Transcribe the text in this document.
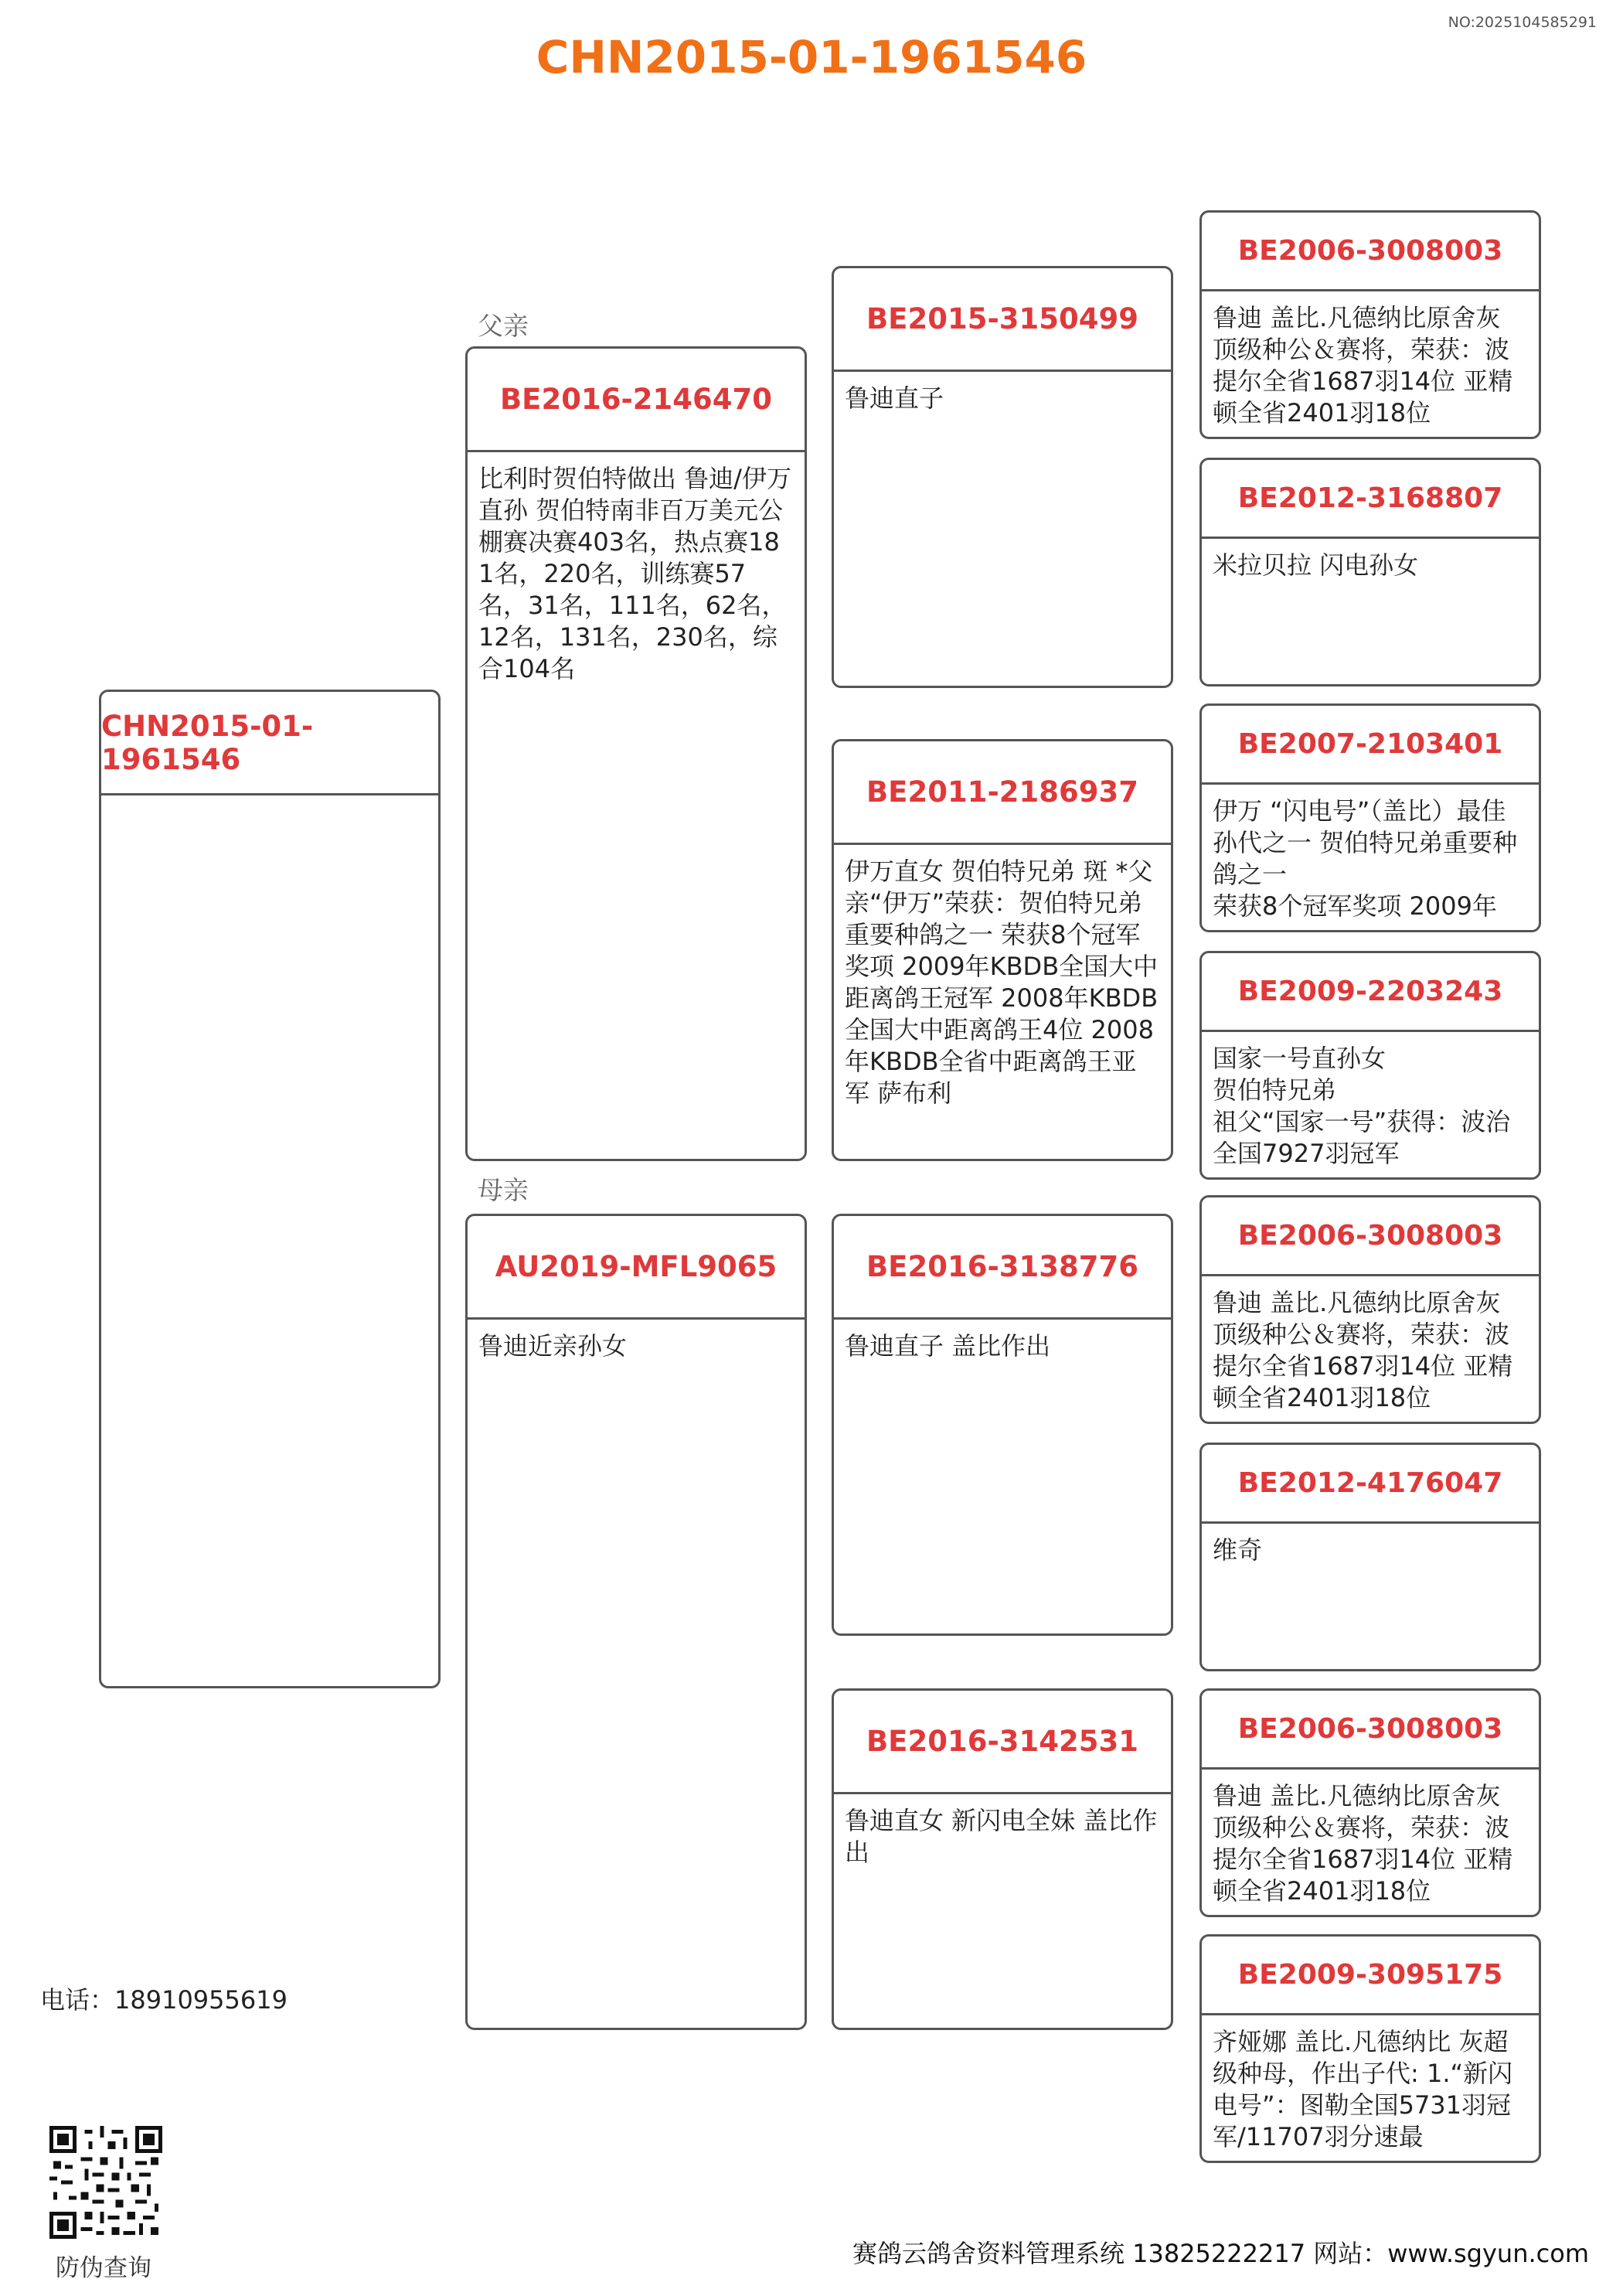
NO:20251045852​91
CHN2015-01-1961546
父亲
母亲
CHN2015-01-1961546
BE2016-2146470
比利时贺伯特做出 鲁迪/伊万直孙 贺伯特南非百万美元公棚赛决赛403名，热点赛181名，220名，训练赛57名，31名，111名，62名，12名，131名，230名，综合104名
AU2019-MFL9065
鲁迪近亲孙女
BE2015-3150499
鲁迪直子
BE2011-2186937
伊万直女 贺伯特兄弟 斑 *父亲“伊万”荣获：贺伯特兄弟重要种鸽之一 荣获8个冠军奖项 2009年KBDB全国大中距离鸽王冠军 2008年KBDB全国大中距离鸽王4位 2008年KBDB全省中距离鸽王亚军 萨布利
BE2016-3138776
鲁迪直子 盖比作出
BE2016-3142531
鲁迪直女 新闪电全妹 盖比作出
BE2006-3008003
鲁迪 盖比.凡德纳比原舍灰 顶级种公＆赛将，荣获：波提尔全省1687羽14位 亚精顿全省2401羽18位
BE2012-3168807
米拉贝拉 闪电孙女
BE2007-2103401
伊万 “闪电号”（盖比）最佳孙代之一 贺伯特兄弟重要种鸽之一
荣获8个冠军奖项 2009年
BE2009-2203243
国家一号直孙女
贺伯特兄弟
祖父“国家一号”获得：波治全国7927羽冠军
BE2006-3008003
鲁迪 盖比.凡德纳比原舍灰 顶级种公＆赛将，荣获：波提尔全省1687羽14位 亚精顿全省2401羽18位
BE2012-4176047
维奇
BE2006-3008003
鲁迪 盖比.凡德纳比原舍灰 顶级种公＆赛将，荣获：波提尔全省1687羽14位 亚精顿全省2401羽18位
BE2009-3095175
齐娅娜 盖比.凡德纳比 灰超级种母，作出子代: 1.“新闪电号”：图勒全国5731羽冠军/11707羽分速最
电话：18910955619
防伪查询	赛鸽云鸽舍资料管理系统 13825222217 网站：www.sgyun.com
